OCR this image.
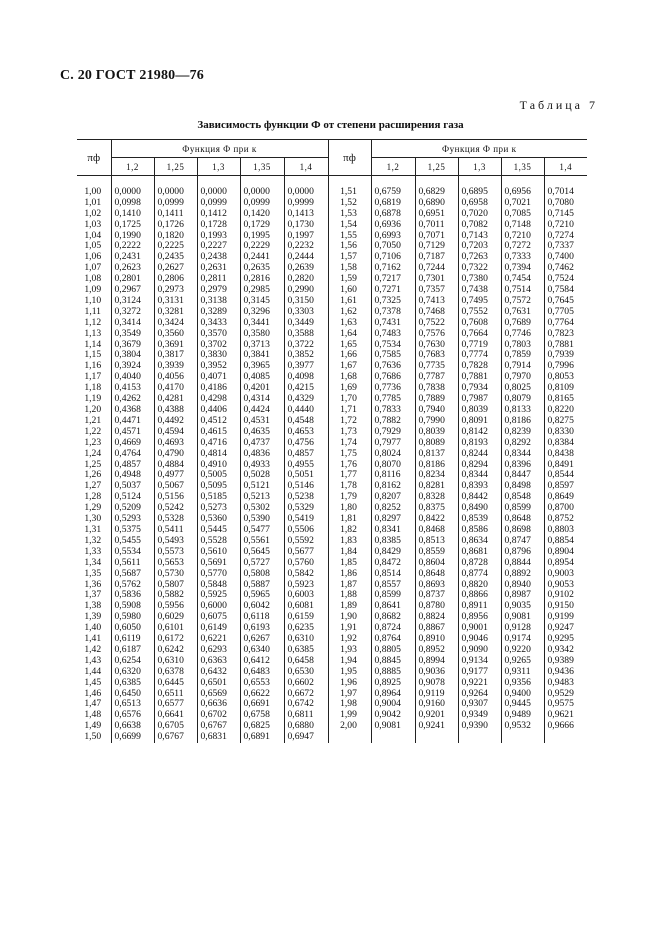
С. 20 ГОСТ 21980—76
Таблица 7
Зависимость функции Ф от степени расширения газа
πф	Функция Ф при к					πф	Функция Ф при к				
	1,2	1,25	1,3	1,35	1,4		1,2	1,25	1,3	1,35	1,4

1,00	0,0000	0,0000	0,0000	0,0000	0,0000	1,51	0,6759	0,6829	0,6895	0,6956	0,7014
1,01	0,0998	0,0999	0,0999	0,0999	0,9999	1,52	0,6819	0,6890	0,6958	0,7021	0,7080
1,02	0,1410	0,1411	0,1412	0,1420	0,1413	1,53	0,6878	0,6951	0,7020	0,7085	0,7145
1,03	0,1725	0,1726	0,1728	0,1729	0,1730	1,54	0,6936	0,7011	0,7082	0,7148	0,7210
1,04	0,1990	0,1820	0,1993	0,1995	0,1997	1,55	0,6993	0,7071	0,7143	0,7210	0,7274
1,05	0,2222	0,2225	0,2227	0,2229	0,2232	1,56	0,7050	0,7129	0,7203	0,7272	0,7337
1,06	0,2431	0,2435	0,2438	0,2441	0,2444	1,57	0,7106	0,7187	0,7263	0,7333	0,7400
1,07	0,2623	0,2627	0,2631	0,2635	0,2639	1,58	0,7162	0,7244	0,7322	0,7394	0,7462
1,08	0,2801	0,2806	0,2811	0,2816	0,2820	1,59	0,7217	0,7301	0,7380	0,7454	0,7524
1,09	0,2967	0,2973	0,2979	0,2985	0,2990	1,60	0,7271	0,7357	0,7438	0,7514	0,7584
1,10	0,3124	0,3131	0,3138	0,3145	0,3150	1,61	0,7325	0,7413	0,7495	0,7572	0,7645
1,11	0,3272	0,3281	0,3289	0,3296	0,3303	1,62	0,7378	0,7468	0,7552	0,7631	0,7705
1,12	0,3414	0,3424	0,3433	0,3441	0,3449	1,63	0,7431	0,7522	0,7608	0,7689	0,7764
1,13	0,3549	0,3560	0,3570	0,3580	0,3588	1,64	0,7483	0,7576	0,7664	0,7746	0,7823
1,14	0,3679	0,3691	0,3702	0,3713	0,3722	1,65	0,7534	0,7630	0,7719	0,7803	0,7881
1,15	0,3804	0,3817	0,3830	0,3841	0,3852	1,66	0,7585	0,7683	0,7774	0,7859	0,7939
1,16	0,3924	0,3939	0,3952	0,3965	0,3977	1,67	0,7636	0,7735	0,7828	0,7914	0,7996
1,17	0,4040	0,4056	0,4071	0,4085	0,4098	1,68	0,7686	0,7787	0,7881	0,7970	0,8053
1,18	0,4153	0,4170	0,4186	0,4201	0,4215	1,69	0,7736	0,7838	0,7934	0,8025	0,8109
1,19	0,4262	0,4281	0,4298	0,4314	0,4329	1,70	0,7785	0,7889	0,7987	0,8079	0,8165
1,20	0,4368	0,4388	0,4406	0,4424	0,4440	1,71	0,7833	0,7940	0,8039	0,8133	0,8220
1,21	0,4471	0,4492	0,4512	0,4531	0,4548	1,72	0,7882	0,7990	0,8091	0,8186	0,8275
1,22	0,4571	0,4594	0,4615	0,4635	0,4653	1,73	0,7929	0,8039	0,8142	0,8239	0,8330
1,23	0,4669	0,4693	0,4716	0,4737	0,4756	1,74	0,7977	0,8089	0,8193	0,8292	0,8384
1,24	0,4764	0,4790	0,4814	0,4836	0,4857	1,75	0,8024	0,8137	0,8244	0,8344	0,8438
1,25	0,4857	0,4884	0,4910	0,4933	0,4955	1,76	0,8070	0,8186	0,8294	0,8396	0,8491
1,26	0,4948	0,4977	0,5005	0,5028	0,5051	1,77	0,8116	0,8234	0,8344	0,8447	0,8544
1,27	0,5037	0,5067	0,5095	0,5121	0,5146	1,78	0,8162	0,8281	0,8393	0,8498	0,8597
1,28	0,5124	0,5156	0,5185	0,5213	0,5238	1,79	0,8207	0,8328	0,8442	0,8548	0,8649
1,29	0,5209	0,5242	0,5273	0,5302	0,5329	1,80	0,8252	0,8375	0,8490	0,8599	0,8700
1,30	0,5293	0,5328	0,5360	0,5390	0,5419	1,81	0,8297	0,8422	0,8539	0,8648	0,8752
1,31	0,5375	0,5411	0,5445	0,5477	0,5506	1,82	0,8341	0,8468	0,8586	0,8698	0,8803
1,32	0,5455	0,5493	0,5528	0,5561	0,5592	1,83	0,8385	0,8513	0,8634	0,8747	0,8854
1,33	0,5534	0,5573	0,5610	0,5645	0,5677	1,84	0,8429	0,8559	0,8681	0,8796	0,8904
1,34	0,5611	0,5653	0,5691	0,5727	0,5760	1,85	0,8472	0,8604	0,8728	0,8844	0,8954
1,35	0,5687	0,5730	0,5770	0,5808	0,5842	1,86	0,8514	0,8648	0,8774	0,8892	0,9003
1,36	0,5762	0,5807	0,5848	0,5887	0,5923	1,87	0,8557	0,8693	0,8820	0,8940	0,9053
1,37	0,5836	0,5882	0,5925	0,5965	0,6003	1,88	0,8599	0,8737	0,8866	0,8987	0,9102
1,38	0,5908	0,5956	0,6000	0,6042	0,6081	1,89	0,8641	0,8780	0,8911	0,9035	0,9150
1,39	0,5980	0,6029	0,6075	0,6118	0,6159	1,90	0,8682	0,8824	0,8956	0,9081	0,9199
1,40	0,6050	0,6101	0,6149	0,6193	0,6235	1,91	0,8724	0,8867	0,9001	0,9128	0,9247
1,41	0,6119	0,6172	0,6221	0,6267	0,6310	1,92	0,8764	0,8910	0,9046	0,9174	0,9295
1,42	0,6187	0,6242	0,6293	0,6340	0,6385	1,93	0,8805	0,8952	0,9090	0,9220	0,9342
1,43	0,6254	0,6310	0,6363	0,6412	0,6458	1,94	0,8845	0,8994	0,9134	0,9265	0,9389
1,44	0,6320	0,6378	0,6432	0,6483	0,6530	1,95	0,8885	0,9036	0,9177	0,9311	0,9436
1,45	0,6385	0,6445	0,6501	0,6553	0,6602	1,96	0,8925	0,9078	0,9221	0,9356	0,9483
1,46	0,6450	0,6511	0,6569	0,6622	0,6672	1,97	0,8964	0,9119	0,9264	0,9400	0,9529
1,47	0,6513	0,6577	0,6636	0,6691	0,6742	1,98	0,9004	0,9160	0,9307	0,9445	0,9575
1,48	0,6576	0,6641	0,6702	0,6758	0,6811	1,99	0,9042	0,9201	0,9349	0,9489	0,9621
1,49	0,6638	0,6705	0,6767	0,6825	0,6880	2,00	0,9081	0,9241	0,9390	0,9532	0,9666
1,50	0,6699	0,6767	0,6831	0,6891	0,6947						
